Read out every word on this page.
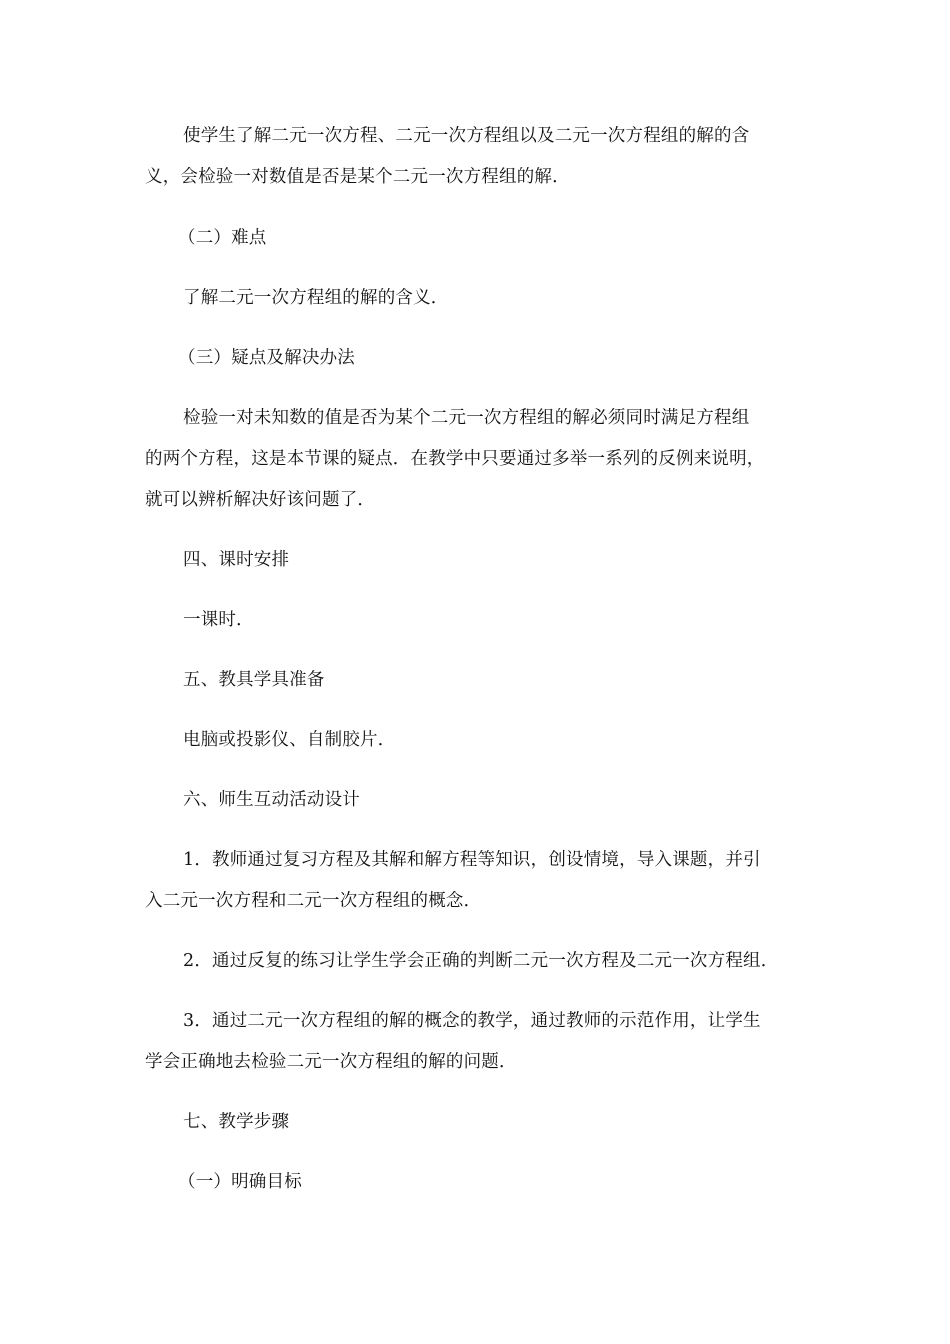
使学生了解二元一次方程、二元一次方程组以及二元一次方程组的解的含
义，会检验一对数值是否是某个二元一次方程组的解．
（二）难点
了解二元一次方程组的解的含义．
（三）疑点及解决办法
检验一对未知数的值是否为某个二元一次方程组的解必须同时满足方程组
的两个方程，这是本节课的疑点．在教学中只要通过多举一系列的反例来说明，
就可以辨析解决好该问题了．
四、课时安排
一课时．
五、教具学具准备
电脑或投影仪、自制胶片．
六、师生互动活动设计
1．教师通过复习方程及其解和解方程等知识，创设情境，导入课题，并引
入二元一次方程和二元一次方程组的概念．
2．通过反复的练习让学生学会正确的判断二元一次方程及二元一次方程组．
3．通过二元一次方程组的解的概念的教学，通过教师的示范作用，让学生
学会正确地去检验二元一次方程组的解的问题．
七、教学步骤
（一）明确目标
